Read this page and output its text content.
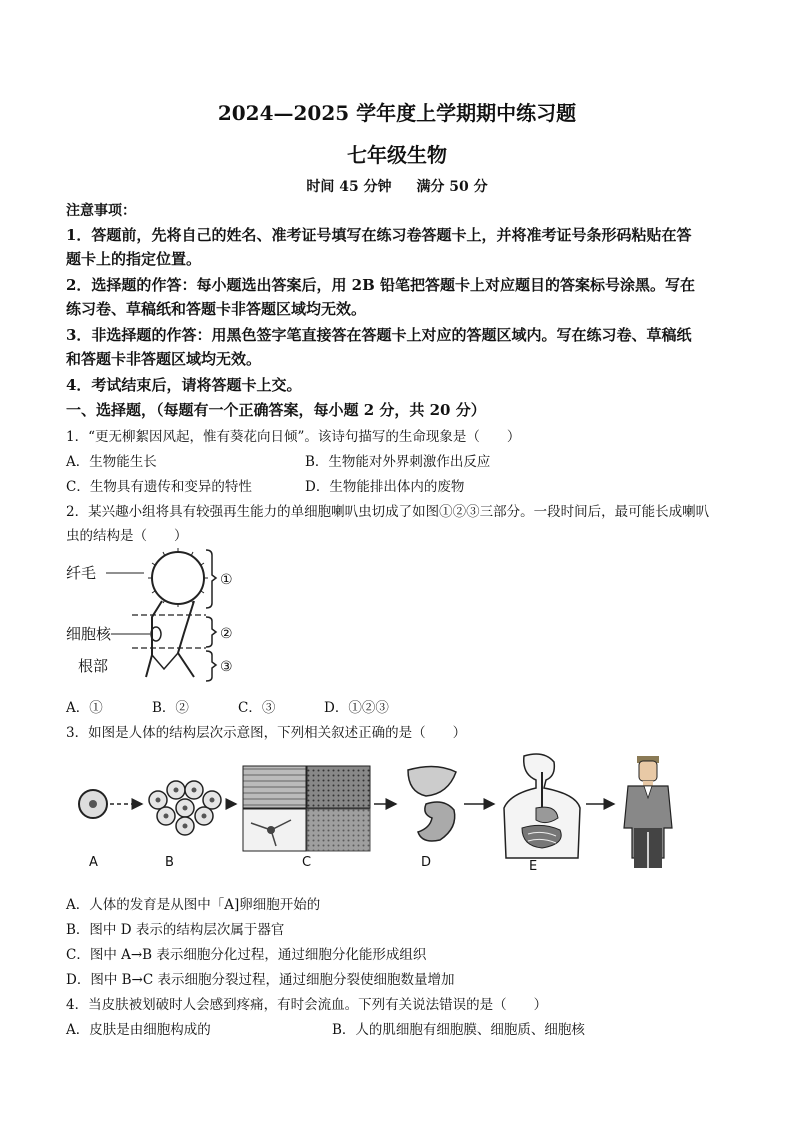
2024—2025 学年度上学期期中练习题
七年级生物
时间 45 分钟 满分 50 分
注意事项：
1．答题前，先将自己的姓名、准考证号填写在练习卷答题卡上，并将准考证号条形码粘贴在答
题卡上的指定位置。
2．选择题的作答：每小题选出答案后，用 2B 铅笔把答题卡上对应题目的答案标号涂黑。写在
练习卷、草稿纸和答题卡非答题区域均无效。
3．非选择题的作答：用黑色签字笔直接答在答题卡上对应的答题区域内。写在练习卷、草稿纸
和答题卡非答题区域均无效。
4．考试结束后，请将答题卡上交。
一、选择题，（每题有一个正确答案，每小题 2 分，共 20 分）
1．“更无柳絮因风起，惟有葵花向日倾”。该诗句描写的生命现象是（　　）
A．生物能生长	B．生物能对外界刺激作出反应
C．生物具有遗传和变异的特性	D．生物能排出体内的废物
2．某兴趣小组将具有较强再生能力的单细胞喇叭虫切成了如图①②③三部分。一段时间后，最可能长成喇叭
虫的结构是（　　）
纤毛
细胞核
根部
①
②
③
A．①	B．②	C．③	D．①②③
3．如图是人体的结构层次示意图，下列相关叙述正确的是（　　）
A	B	C	D	E
A．人体的发育是从图中「A]卵细胞开始的
B．图中 D 表示的结构层次属于器官
C．图中 A→B 表示细胞分化过程，通过细胞分化能形成组织
D．图中 B→C 表示细胞分裂过程，通过细胞分裂使细胞数量增加
4．当皮肤被划破时人会感到疼痛，有时会流血。下列有关说法错误的是（　　）
A．皮肤是由细胞构成的	B．人的肌细胞有细胞膜、细胞质、细胞核
